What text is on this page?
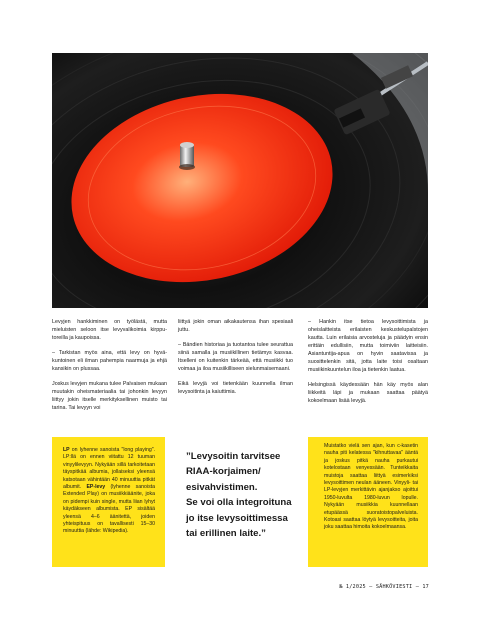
Levyjen hankkiminen on työlästä, mutta mieluisten seloon itse levyvalikoimia kirpputoreilla ja kaupoissa.

– Tarkistan myös aina, että levy on hyväkuntoinen eli ilman pahempia naarmuja ja ehjä kansikin on plussaa.

Joskus levyjen mukana tulee Palvaisen mukaan muutakin oheismateriaalia tai johonkin levyyn liittyy jokin itselle merkityksellinen muisto tai tarina. Tai levyyn voi

liittyä jokin oman aikakautensa ihan spesiaali juttu.

– Bändien historiaa ja tuotantoa tulee seurattua siinä samalla ja musiikillinen tietämys kasvaa. Itselleni on kuitenkin tärkeää, että musiikki tuo voimaa ja iloa musiikilliseen sielunmaisemaani.

Eikä levyjä voi tietenkään kuunnella ilman levysoitinta ja kaiuttimia.

– Hankin itse tietoa levysoittimista ja oheislaitteista erilaisten keskustelupalstojen kautta. Luin erilaisia arvosteluja ja päädyin ensin erittäin edullisiin, mutta toimiviin laitteisiin. Asiantuntija-apua on hyvin saatavissa ja suosittelenkin sitä, jotta laite toisi osaltaan musiikinkuuntelun iloa ja tietenkin laatua.

Helsingissä käydessään hän käy myös alan liikkeitä läpi ja mukaan saattaa päätyä kokoelmaan lisää levyjä.

LP on lyhenne sanoista "long playing". LP:llä on ennen viitattu 12 tuuman vinyylilevyyn. Nykyään sillä tarkoitetaan täyspitkää albumia, jollaiseksi yleensä katsotaan vähintään 40 minuuttia pitkät albumit. EP-levy (lyhenne sanoista Extended Play) on musiikkiäänite, joka on pidempi kuin single, mutta liian lyhyt käydäkseen albumista. EP sisältää yleensä 4–6 äänitettä, joiden yhteispituus on tavallisesti 15–30 minuuttia (lähde: Wikipedia).
”Levysoitin tarvitsee
RIAA-korjaimen/
esivahvistimen.
Se voi olla integroituna
jo itse levysoittimessa
tai erillinen laite.”
Muistatko vielä sen ajan, kun c-kasetin nauha piti kelatessa "kihnuttavaa" ääntä ja joskus pitkä nauha purkautui kotelostaan venyessään. Tunteikkaita muistoja saattaa liittyä esimerkiksi levysoittimen neulan ääneen. Vinyyli- tai LP-levyjen merkittävin ajanjakso ajoittui 1950-luvulta 1980-luvun lopulle. Nykyään musiikkia kuunnellaan etupäässä suoratoistopalveluista. Kotoasi saattaa löytyä levysoitteita, joita joku saattaa himoita kokoelmaansa.
№ 1/2025 — SÄHKÖVIESTI — 17
